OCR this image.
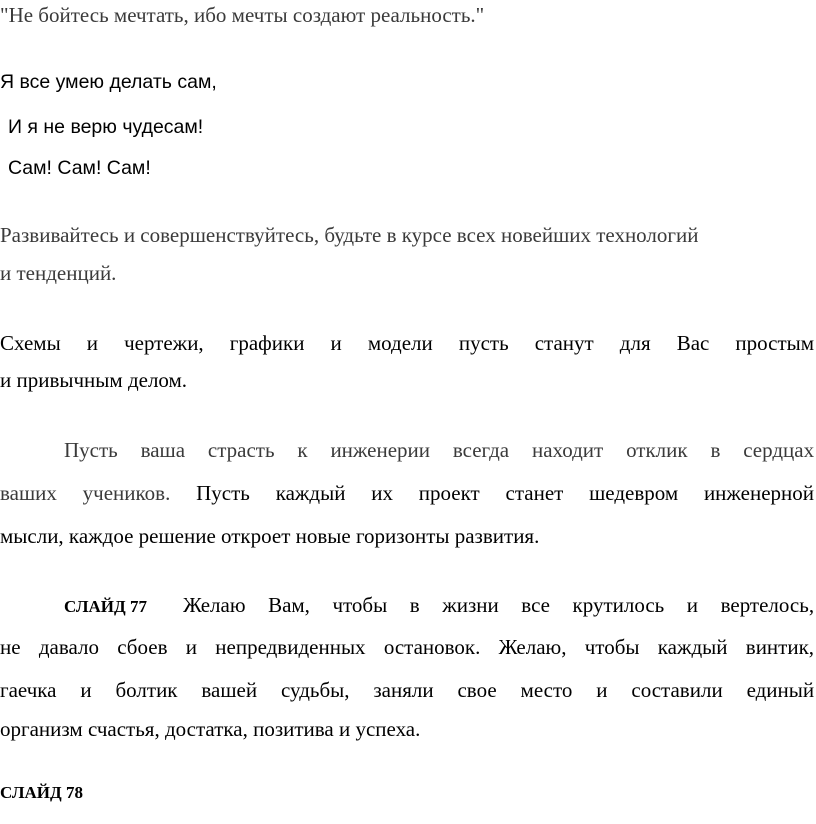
"Не бойтесь мечтать, ибо мечты создают реальность."
Я все умею делать сам,
И я не верю чудесам!
Сам! Сам! Сам!
Развивайтесь и совершенствуйтесь, будьте в курсе всех новейших технологий
и тенденций.
Схемы и чертежи, графики и модели пусть станут для Вас простым
и привычным делом.
Пусть ваша страсть к инженерии всегда находит отклик в сердцах
ваших учеников. Пусть каждый их проект станет шедевром инженерной
мысли, каждое решение откроет новые горизонты развития.
СЛАЙД 77 Желаю Вам, чтобы в жизни все крутилось и вертелось,
не давало сбоев и непредвиденных остановок. Желаю, чтобы каждый винтик,
гаечка и болтик вашей судьбы, заняли свое место и составили единый
организм счастья, достатка, позитива и успеха.
СЛАЙД 78
